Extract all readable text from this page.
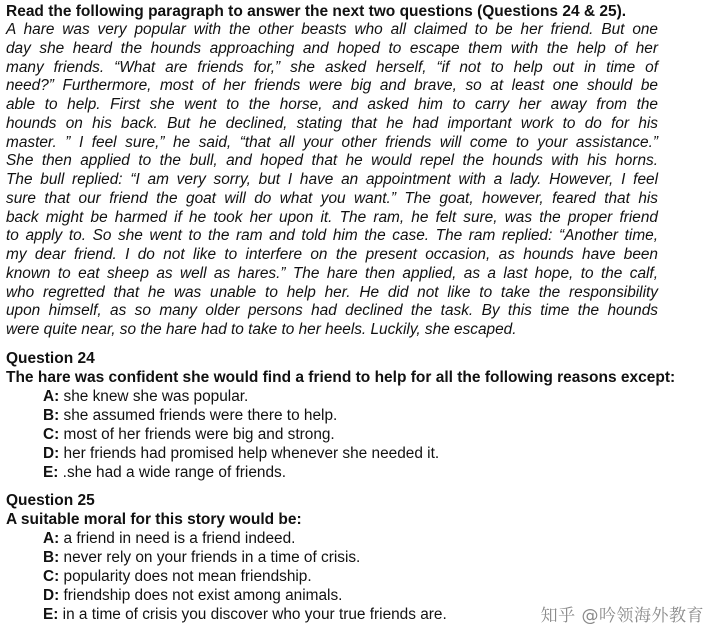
Read the following paragraph to answer the next two questions (Questions 24 & 25).
A hare was very popular with the other beasts who all claimed to be her friend. But one
day she heard the hounds approaching and hoped to escape them with the help of her
many friends. “What are friends for,” she asked herself, “if not to help out in time of
need?” Furthermore, most of her friends were big and brave, so at least one should be
able to help. First she went to the horse, and asked him to carry her away from the
hounds on his back. But he declined, stating that he had important work to do for his
master. ” I feel sure,” he said, “that all your other friends will come to your assistance.”
She then applied to the bull, and hoped that he would repel the hounds with his horns.
The bull replied: “I am very sorry, but I have an appointment with a lady. However, I feel
sure that our friend the goat will do what you want.” The goat, however, feared that his
back might be harmed if he took her upon it. The ram, he felt sure, was the proper friend
to apply to. So she went to the ram and told him the case. The ram replied: “Another time,
my dear friend. I do not like to interfere on the present occasion, as hounds have been
known to eat sheep as well as hares.” The hare then applied, as a last hope, to the calf,
who regretted that he was unable to help her. He did not like to take the responsibility
upon himself, as so many older persons had declined the task. By this time the hounds
were quite near, so the hare had to take to her heels. Luckily, she escaped.
Question 24
The hare was confident she would find a friend to help for all the following reasons except:
A: she knew she was popular.
B: she assumed friends were there to help.
C: most of her friends were big and strong.
D: her friends had promised help whenever she needed it.
E: .she had a wide range of friends.
Question 25
A suitable moral for this story would be:
A: a friend in need is a friend indeed.
B: never rely on your friends in a time of crisis.
C: popularity does not mean friendship.
D: friendship does not exist among animals.
E: in a time of crisis you discover who your true friends are.	知乎 @吟领海外教育
